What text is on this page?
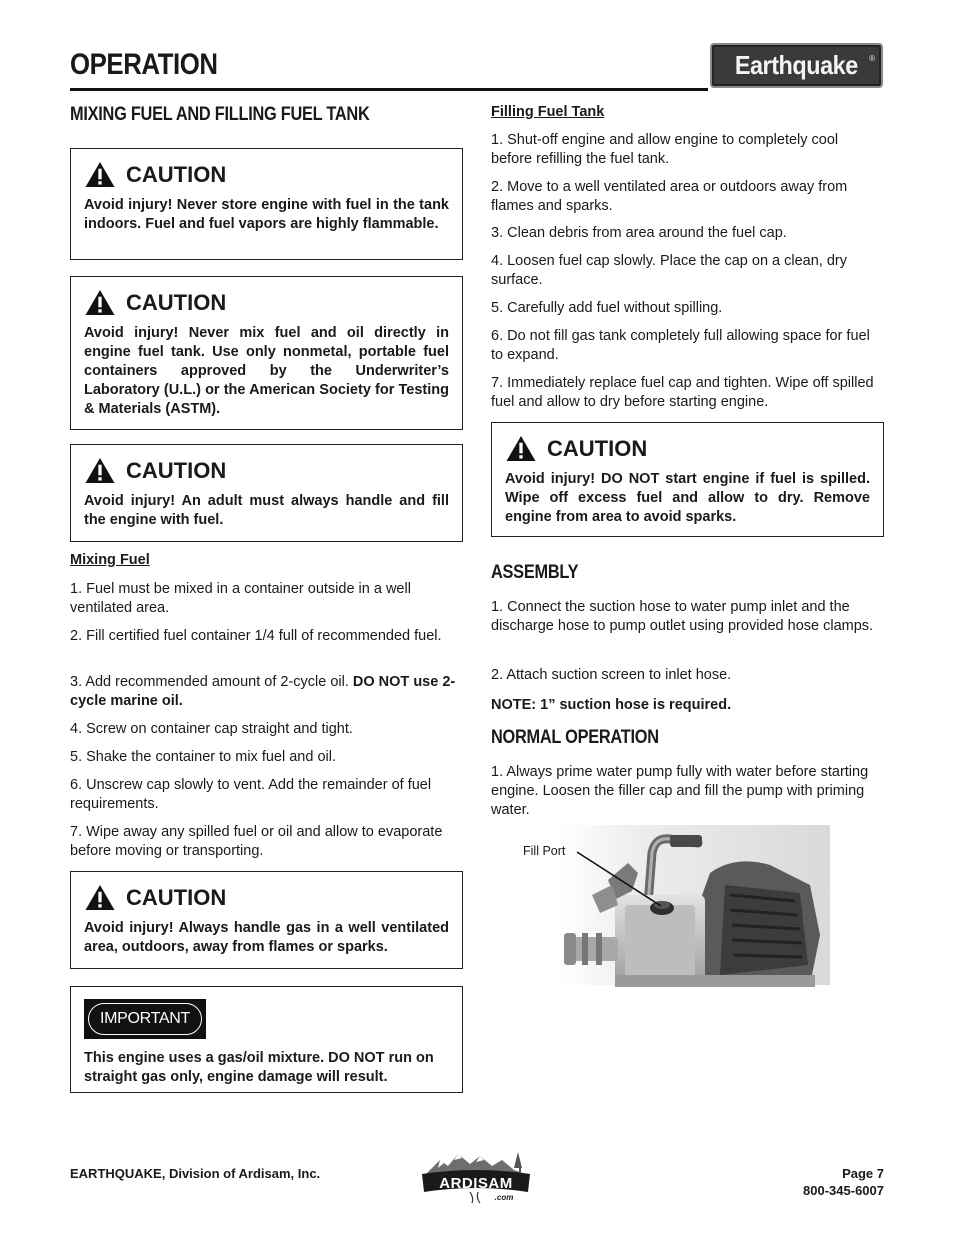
OPERATION	Earthquake ®
MIXING FUEL AND FILLING FUEL TANK
CAUTION

Avoid injury! Never store engine with fuel in the tank indoors. Fuel and fuel vapors are highly flammable.

CAUTION

Avoid injury! Never mix fuel and oil directly in engine fuel tank. Use only nonmetal, portable fuel containers approved by the Underwriter’s Laboratory (U.L.) or the American Society for Testing & Materials (ASTM).

CAUTION

Avoid injury! An adult must always handle and fill the engine with fuel.

Mixing Fuel

1. Fuel must be mixed in a container outside in a well ventilated area.

2. Fill certified fuel container 1/4 full of recommended fuel.

3. Add recommended amount of 2-cycle oil. DO NOT use 2-cycle marine oil.

4. Screw on container cap straight and tight.

5. Shake the container to mix fuel and oil.

6. Unscrew cap slowly to vent. Add the remainder of fuel requirements.

7. Wipe away any spilled fuel or oil and allow to evaporate before moving or transporting.

CAUTION

Avoid injury! Always handle gas in a well ventilated area, outdoors, away from flames or sparks.

IMPORTANT

This engine uses a gas/oil mixture. DO NOT run on straight gas only, engine damage will result.

Filling Fuel Tank

1. Shut-off engine and allow engine to completely cool before refilling the fuel tank.

2. Move to a well ventilated area or outdoors away from flames and sparks.

3. Clean debris from area around the fuel cap.

4. Loosen fuel cap slowly. Place the cap on a clean, dry surface.

5. Carefully add fuel without spilling.

6. Do not fill gas tank completely full allowing space for fuel to expand.

7. Immediately replace fuel cap and tighten. Wipe off spilled fuel and allow to dry before starting engine.

CAUTION

Avoid injury! DO NOT start engine if fuel is spilled. Wipe off excess fuel and allow to dry. Remove engine from area to avoid sparks.

ASSEMBLY

1. Connect the suction hose to water pump inlet and the discharge hose to pump outlet using provided hose clamps.

2. Attach suction screen to inlet hose.

NOTE: 1” suction hose is required.

NORMAL OPERATION

1. Always prime water pump fully with water before starting engine. Loosen the filler cap and fill the pump with priming water.

Fill Port

EARTHQUAKE, Division of Ardisam, Inc.

ARDISAM
.com

Page 7

800-345-6007
